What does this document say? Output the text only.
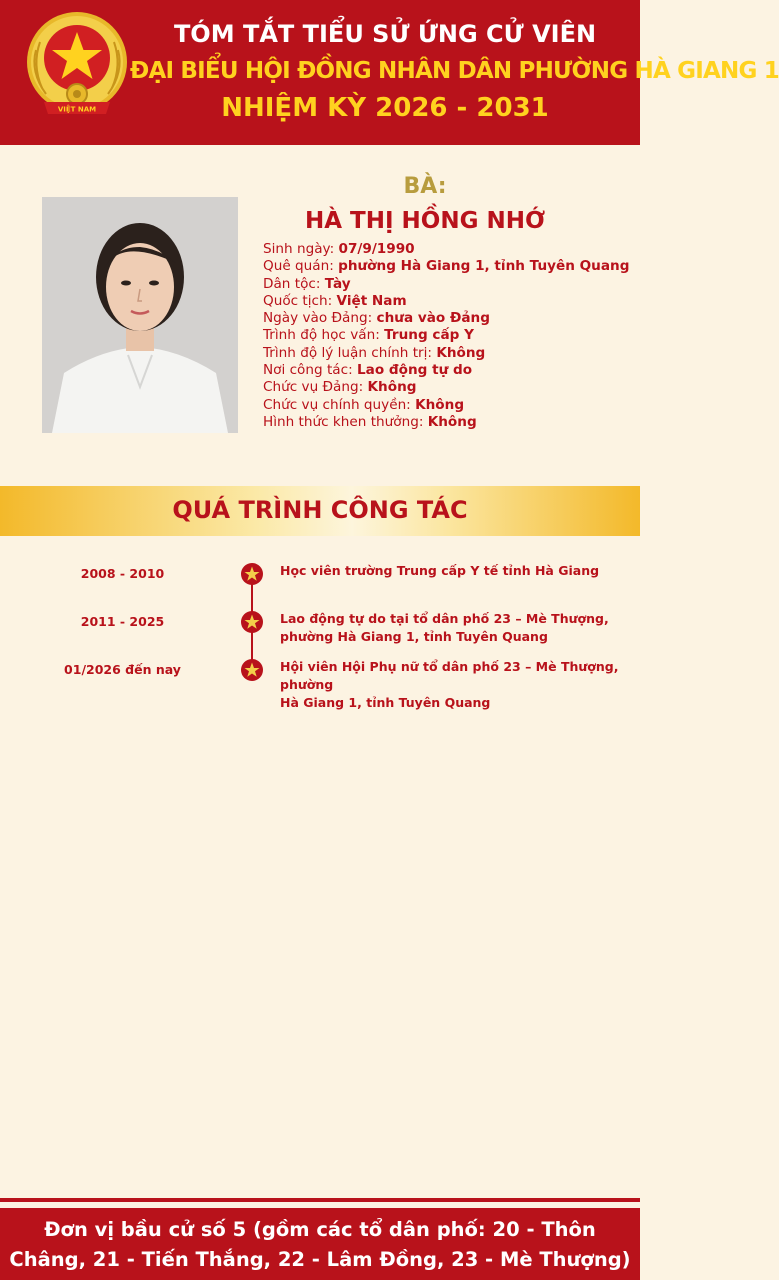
VIỆT NAM
TÓM TẮT TIỂU SỬ ỨNG CỬ VIÊN
ĐẠI BIỂU HỘI ĐỒNG NHÂN DÂN PHƯỜNG HÀ GIANG 1
NHIỆM KỲ 2026 - 2031
BÀ:
HÀ THỊ HỒNG NHỚ
Sinh ngày: 07/9/1990
Quê quán: phường Hà Giang 1, tỉnh Tuyên Quang
Dân tộc: Tày
Quốc tịch: Việt Nam
Ngày vào Đảng: chưa vào Đảng
Trình độ học vấn: Trung cấp Y
Trình độ lý luận chính trị: Không
Nơi công tác: Lao động tự do
Chức vụ Đảng: Không
Chức vụ chính quyền: Không
Hình thức khen thưởng: Không
QUÁ TRÌNH CÔNG TÁC
2008 - 2010	Học viên trường Trung cấp Y tế tỉnh Hà Giang
2011 - 2025	Lao động tự do tại tổ dân phố 23 – Mè Thượng,
phường Hà Giang 1, tỉnh Tuyên Quang
01/2026 đến nay	Hội viên Hội Phụ nữ tổ dân phố 23 – Mè Thượng, phường
Hà Giang 1, tỉnh Tuyên Quang
Đơn vị bầu cử số 5 (gồm các tổ dân phố: 20 - Thôn
Châng, 21 - Tiến Thắng, 22 - Lâm Đồng, 23 - Mè Thượng)
